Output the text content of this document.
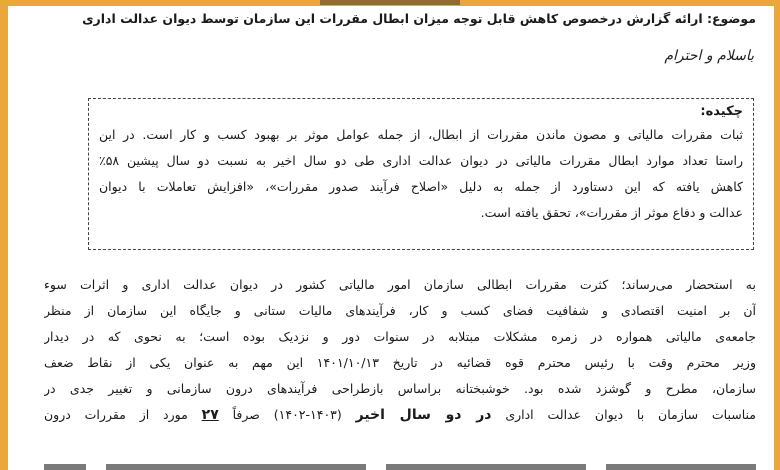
موضوع: ارائه گزارش درخصوص کاهش قابل توجه میزان ابطال مقررات این سازمان توسط دیوان عدالت اداری
باسلام و احترام
چکیده:
ثبات مقررات مالیاتی و مصون ماندن مقررات از ابطال، از جمله عوامل موثر بر بهبود کسب و کار است. در این
راستا تعداد موارد ابطال مقررات مالیاتی در دیوان عدالت اداری طی دو سال اخیر به نسبت دو سال پیشین ۵۸٪
کاهش یافته که این دستاورد از جمله به دلیل «اصلاح فرآیند صدور مقررات»، «افزایش تعاملات با دیوان
عدالت و دفاع موثر از مقررات»، تحقق یافته است.
به استحضار می‌رساند؛ کثرت مقررات ابطالی سازمان امور مالیاتی کشور در دیوان عدالت اداری و اثرات سوء
آن بر امنیت اقتصادی و شفافیت فضای کسب و کار، فرآیندهای مالیات ستانی و جایگاه این سازمان از منظر
جامعه‌ی مالیاتی همواره در زمره مشکلات مبتلابه در سنوات دور و نزدیک بوده است؛ به نحوی که در دیدار
وزیر محترم وقت با رئیس محترم قوه قضائیه در تاریخ ۱۴۰۱/۱۰/۱۳ این مهم به عنوان یکی از نقاط ضعف
سازمان، مطرح و گوشزد شده بود. خوشبختانه براساس بازطراحی فرآیندهای درون سازمانی و تغییر جدی در
مناسبات سازمان با دیوان عدالت اداری در دو سال اخیر (۱۴۰۳-۱۴۰۲) صرفاً ۲۷ مورد از مقررات درون
